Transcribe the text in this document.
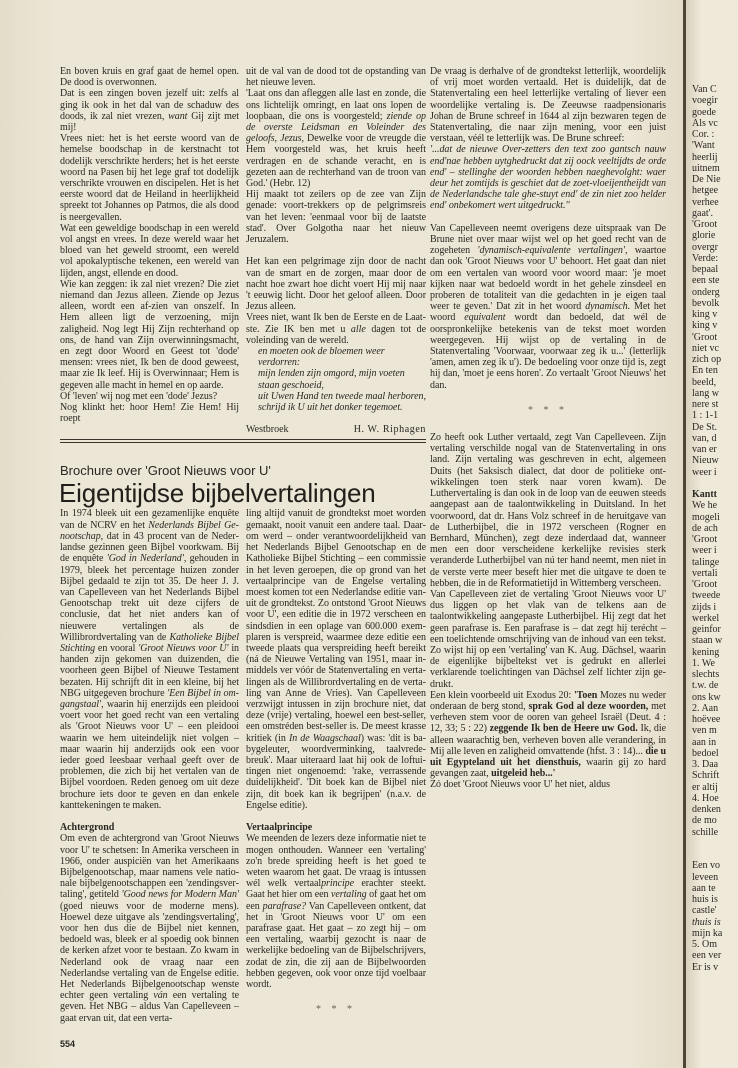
En boven kruis en graf gaat de hemel open. De dood is overwonnen.

Dat is een zingen boven jezelf uit: zelfs al ging ik ook in het dal van de schaduw des doods, ik zal niet vrezen, want Gij zijt met mij!

Vrees niet: het is het eerste woord van de hemelse boodschap in de kerstnacht tot dodelijk verschrikte herders; het is het eerste woord na Pasen bij het lege graf tot dodelijk verschrikte vrouwen en discipelen. Het is het eerste woord dat de Heiland in heerlijkheid spreekt tot Johannes op Patmos, die als dood is neergevallen.

Wat een geweldige boodschap in een wereld vol angst en vrees. In deze wereld waar het bloed van het geweld stroomt, een wereld vol apokalyptische tekenen, een wereld van lijden, angst, ellende en dood.

Wie kan zeggen: ik zal niet vrezen? Die ziet niemand dan Jezus alleen. Ziende op Jezus alleen, wordt een af-zien van onszelf. In Hem alleen ligt de verzoening, mijn zaligheid. Nog legt Hij Zijn rechterhand op ons, de hand van Zijn overwinningsmacht, en zegt door Woord en Geest tot 'dode' mensen: vrees niet, Ik ben de dood geweest, maar zie Ik leef. Hij is Overwinnaar; Hem is gegeven alle macht in hemel en op aarde.

Of 'leven' wij nog met een 'dode' Jezus?

Nog klinkt het: hoor Hem! Zie Hem! Hij roept

uit de val van de dood tot de opstanding van het nieuwe leven.

'Laat ons dan afleggen alle last en zonde, die ons lichtelijk omringt, en laat ons lopen de loopbaan, die ons is voorgesteld; ziende op de overste Leidsman en Voleinder des geloofs, Jezus, Dewelke voor de vreugde die Hem voorgesteld was, het kruis heeft verdragen en de schande veracht, en is gezeten aan de rechterhand van de troon van God.' (Hebr. 12)

Hij maakt tot zeilers op de zee van Zijn genade: voort-trekkers op de pelgrimsreis van het leven: 'eenmaal voor bij de laatste stad'. Over Golgotha naar het nieuw Jeruzalem.

Het kan een pelgrimage zijn door de nacht van de smart en de zorgen, maar door de nacht hoe zwart hoe dicht voert Hij mij naar 't eeuwig licht. Door het geloof alleen. Door Jezus alleen.

Vrees niet, want Ik ben de Eerste en de Laatste. Zie IK ben met u alle dagen tot de voleinding van de wereld.

en moeten ook de bloemen weer verdorren:

mijn lenden zijn omgord, mijn voeten staan geschoeid,

uit Uwen Hand ten tweede maal herboren,

schrijd ik U uit het donker tegemoet.

Westbroek	H. W. Riphagen
Brochure over 'Groot Nieuws voor U'
Eigentijdse bijbelvertalingen

In 1974 bleek uit een gezamenlijke enquête van de NCRV en het Nederlands Bijbel Genootschap, dat in 43 procent van de Nederlandse gezinnen geen Bijbel voorkwam. Bij de enquête 'God in Nederland', gehouden in 1979, bleek het percentage huizen zonder Bijbel gedaald te zijn tot 35. De heer J. J. van Capelleveen van het Nederlands Bijbel Genootschap trekt uit deze cijfers de conclusie, dat het niet anders kan of nieuwere vertalingen als de Willibrordvertaling van de Katholieke Bijbel Stichting en vooral 'Groot Nieuws voor U' in handen zijn gekomen van duizenden, die voorheen geen Bijbel of Nieuwe Testament bezaten. Hij schrijft dit in een kleine, bij het NBG uitgegeven brochure 'Een Bijbel in omgangstaal', waarin hij enerzijds een pleidooi voert voor het goed recht van een vertaling als 'Groot Nieuws voor U' – een pleidooi waarin we hem uiteindelijk niet volgen – maar waarin hij anderzijds ook een voor ieder goed leesbaar verhaal geeft over de problemen, die zich bij het vertalen van de Bijbel voordoen. Reden genoeg om uit deze brochure iets door te geven en dan enkele kanttekeningen te maken.

Achtergrond

Om even de achtergrond van 'Groot Nieuws voor U' te schetsen: In Amerika verscheen in 1966, onder auspiciën van het Amerikaans Bijbelgenootschap, maar namens vele nationale bijbelgenootschappen een 'zendingsvertaling', getiteld 'Good news for Modern Man' (goed nieuws voor de moderne mens). Hoewel deze uitgave als 'zendingsvertaling', voor hen dus die de Bijbel niet kennen, bedoeld was, bleek er al spoedig ook binnen de kerken afzet voor te bestaan. Zo kwam in Nederland ook de vraag naar een Nederlandse vertaling van de Engelse editie. Het Nederlands Bijbelgenootschap wenste echter geen vertaling ván een vertaling te geven. Het NBG – aldus Van Capelleveen – gaat ervan uit, dat een verta-

ling altijd vanuit de grondtekst moet worden gemaakt, nooit vanuit een andere taal. Daarom werd – onder verantwoordelijkheid van het Nederlands Bijbel Genootschap en de Katholieke Bijbel Stichting – een commissie in het leven geroepen, die op grond van het vertaalprincipe van de Engelse vertaling moest komen tot een Nederlandse editie vanuit de grondtekst. Zo ontstond 'Groot Nieuws voor U', een editie die in 1972 verscheen en sindsdien in een oplage van 600.000 exemplaren is verspreid, waarmee deze editie een tweede plaats qua verspreiding heeft bereikt (ná de Nieuwe Vertaling van 1951, maar inmiddels ver vóór de Statenvertaling en vertalingen als de Willibrordvertaling en de vertaling van Anne de Vries). Van Capelleveen verzwijgt intussen in zijn brochure niet, dat deze (vrije) vertaling, hoewel een best-seller, een omstréden best-seller is. De meest krasse kritiek (in In de Waagschaal) was: 'dit is babygeleuter, woordverminking, taalvredebreuk'. Maar uiteraard laat hij ook de loftuitingen niet ongenoemd: 'rake, verrassende duidelijkheid'. 'Dit boek kan de Bijbel niet zijn, dit boek kan ik begrijpen' (n.a.v. de Engelse editie).

Vertaalprincipe

We meenden de lezers deze informatie niet te mogen onthouden. Wanneer een 'vertaling' zo'n brede spreiding heeft is het goed te weten waarom het gaat. De vraag is intussen wél welk vertaalprincipe erachter steekt. Gaat het hier om een vertaling of gaat het om een parafrase? Van Capelleveen ontkent, dat het in 'Groot Nieuws voor U' om een parafrase gaat. Het gaat – zo zegt hij – om een vertaling, waarbij gezocht is naar de werkelijke bedoeling van de Bijbelschrijvers, zodat de zin, die zij aan de Bijbelwoorden hebben gegeven, ook voor onze tijd voelbaar wordt.

* * *

554

De vraag is derhalve of de grondtekst letterlijk, woordelijk of vrij moet worden vertaald. Het is duidelijk, dat de Statenvertaling een heel letterlijke vertaling of liever een woordelijke vertaling is. De Zeeuwse raadpensionaris Johan de Brune schreef in 1644 al zijn bezwaren tegen de Statenvertaling, die naar zijn mening, voor een juist verstaan, véél te letterlijk was. De Brune schreef:

'...dat de nieuwe Over-zetters den text zoo gantsch nauw end'nae hebben uytghedruckt dat zij oock veeltijdts de orde end' – stellinghe der woorden hebben naeghevolght: waer deur het zomtijds is geschiet dat de zoet-vloeijentheijdt van de Nederlandsche tale ghe-stuyt end' de zin niet zoo helder end' onbekomert wert uitgedruckt.''

Van Capelleveen neemt overigens deze uitspraak van De Brune niet over maar wijst wel op het goed recht van de zogeheten 'dynamisch-equivalente vertalingen', waartoe dan ook 'Groot Nieuws voor U' behoort. Het gaat dan niet om een vertalen van woord voor woord maar: 'je moet kijken naar wat bedoeld wordt in het gehele zinsdeel en proberen de totaliteit van die gedachten in je eigen taal weer te geven.' Dat zit in het woord dynamisch. Met het woord equivalent wordt dan bedoeld, dat wél de oorspronkelijke betekenis van de tekst moet worden weergegeven. Hij wijst op de vertaling in de Statenvertaling 'Voorwaar, voorwaar zeg ik u...' (letterlijk 'amen, amen zeg ik u'). De bedoeling voor onze tijd is, zegt hij dan, 'moet je eens horen'. Zo vertaalt 'Groot Nieuws' het dan.

* * *

Zo heeft ook Luther vertaald, zegt Van Capelleveen. Zijn vertaling verschilde nogal van de Statenvertaling in ons land. Zijn vertaling was geschreven in echt, algemeen Duits (het Saksisch dialect, dat door de politieke ontwikkelingen toen sterk naar voren kwam). De Luthervertaling is dan ook in de loop van de eeuwen steeds aangepast aan de taalontwikkeling in Duitsland. In het voorwoord, dat dr. Hans Volz schreef in de heruitgave van de Lutherbijbel, die in 1972 verscheen (Rogner en Bernhard, München), zegt deze inderdaad dat, wanneer men een door verscheidene kerkelijke revisies sterk veranderde Lutherbijbel van nú ter hand neemt, men niet in de verste verte meer beseft hier met die uitgave te doen te hebben, die in de Reformatietijd in Wittemberg verscheen.

Van Capelleveen ziet de vertaling 'Groot Nieuws voor U' dus liggen op het vlak van de telkens aan de taalontwikkeling aangepaste Lutherbijbel. Hij zegt dat het geen parafrase is. Een parafrase is – dat zegt hij terécht – een toelichtende omschrijving van de inhoud van een tekst. Zo wijst hij op een 'vertaling' van K. Aug. Dächsel, waarin de eigenlijke bijbeltekst vet is gedrukt en allerlei verklarende toelichtingen van Dächsel zelf lichter zijn gedrukt.

Een klein voorbeeld uit Exodus 20: 'Toen Mozes nu weder onderaan de berg stond, sprak God al deze woorden, met verheven stem voor de ooren van geheel Israël (Deut. 4 : 12, 33; 5 : 22) zeggende Ik ben de Heere uw God. Ik, die alleen waarachtig ben, verheven boven alle verandering, in Mij alle leven en zaligheid omvattende (hfst. 3 : 14)... die u uit Egypteland uit het diensthuis, waarin gij zo hard gevangen zaat, uitgeleid heb...'

Zó doet 'Groot Nieuws voor U' het niet, aldus

Van C
voegir
goede
Als vc
Cor. :
'Want
heerlij
uitnem
De Nie
hetgee
verhee
gaat'.
'Groot
glorie
overgr
Verde:
bepaal
een ste
onderg
bevolk
king v
king v
'Groot
niet vc
zich op
En ten
beeld,
lang w
nere st
1 : 1-1
De St.
van, d
van er
Nieuw
weer i
Kantt
We he
mogeli
de ach
'Groot
weer i
talinge
vertali
'Groot
tweede
zijds i
werkel
geinfor
staan w
kening
1. We
slechts
t.w. de
ons kw
2. Aan
hoëvee
ven m
aan in
bedoel
3. Daa
Schrift
er altij
4. Hoe
denken
de mo
schille
Een vo
leveen
aan te
huis is
castle'
thuis is
mijn ka
5. Om
een ver
Er is v
